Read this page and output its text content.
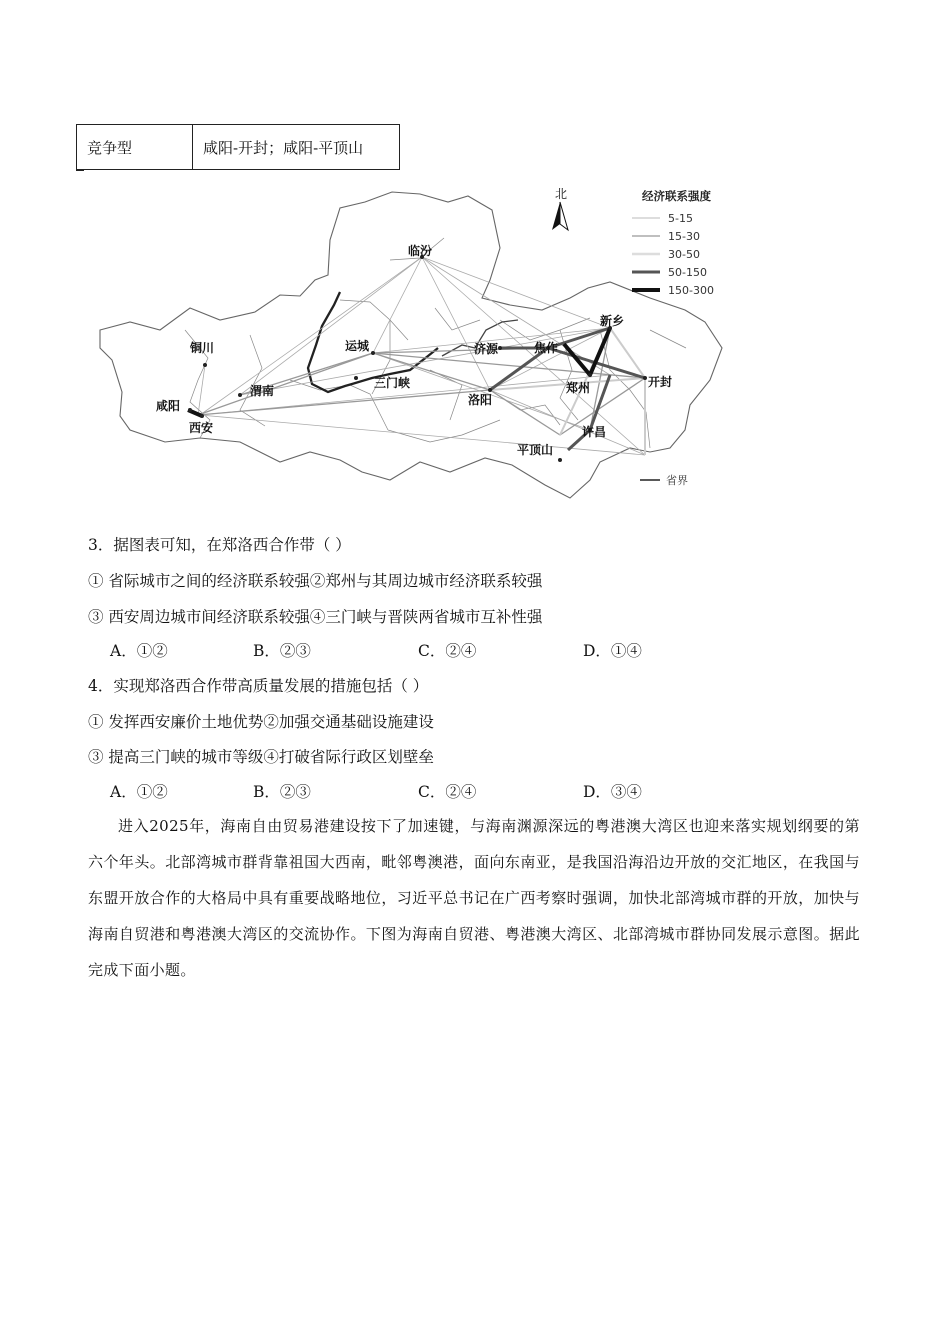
竞争型	咸阳-开封；咸阳-平顶山
临汾
铜川	运城
渭南
咸阳
西安
三门峡
济源	焦作
新乡
郑州	开封
洛阳
许昌
平顶山
北	经济联系强度
5-15
15-30
30-50
50-150
150-300
省界
3．据图表可知，在郑洛西合作带（ ）
① 省际城市之间的经济联系较强②郑州与其周边城市经济联系较强
③ 西安周边城市间经济联系较强④三门峡与晋陕两省城市互补性强
A．①②	B．②③	C．②④	D．①④
4．实现郑洛西合作带高质量发展的措施包括（ ）
① 发挥西安廉价土地优势②加强交通基础设施建设
③ 提高三门峡的城市等级④打破省际行政区划壁垒
A．①②	B．②③	C．②④	D．③④
进入2025年，海南自由贸易港建设按下了加速键，与海南渊源深远的粤港澳大湾区也迎来落实规划纲要的第六个年头。北部湾城市群背靠祖国大西南，毗邻粤澳港，面向东南亚，是我国沿海沿边开放的交汇地区，在我国与东盟开放合作的大格局中具有重要战略地位，习近平总书记在广西考察时强调，加快北部湾城市群的开放，加快与海南自贸港和粤港澳大湾区的交流协作。下图为海南自贸港、粤港澳大湾区、北部湾城市群协同发展示意图。据此完成下面小题。
